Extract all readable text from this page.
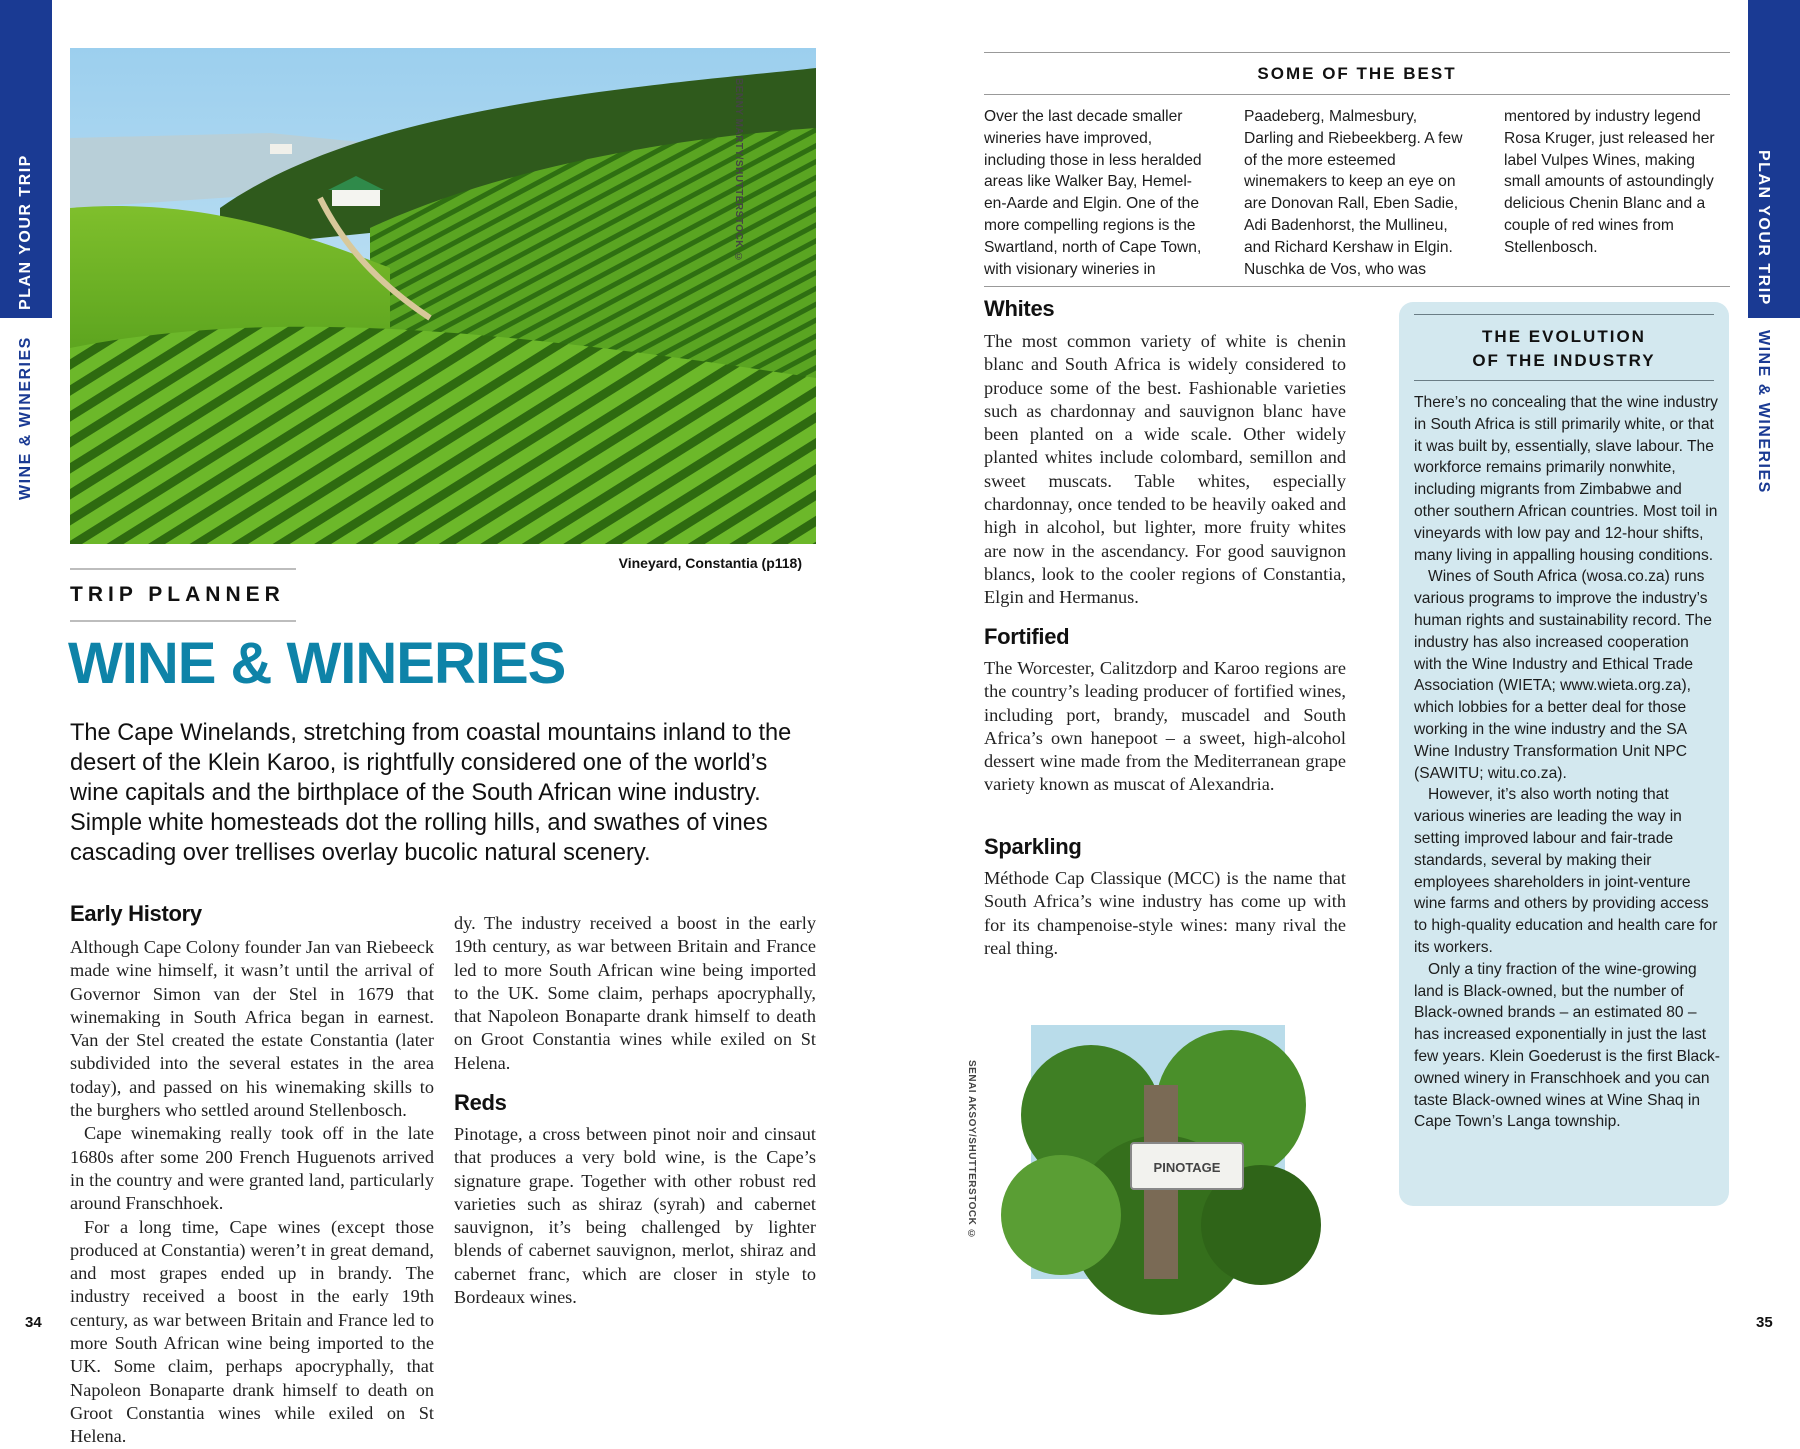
PLAN YOUR TRIP
WINE & WINERIES
PLAN YOUR TRIP
WINE & WINERIES
BENNY MARTY/SHUTTERSTOCK ©
Vineyard, Constantia (p118)
TRIP PLANNER
WINE & WINERIES
The Cape Winelands, stretching from coastal mountains inland to the desert of the Klein Karoo, is rightfully considered one of the world’s wine capitals and the birthplace of the South African wine industry. Simple white homesteads dot the rolling hills, and swathes of vines cascading over trellises overlay bucolic natural scenery.
Early History

Although Cape Colony founder Jan van Riebeeck made wine himself, it wasn’t until the arrival of Governor Simon van der Stel in 1679 that winemaking in South Africa began in earnest. Van der Stel created the estate Constantia (later subdivided into the several estates in the area today), and passed on his winemaking skills to the burghers who settled around Stellenbosch.

Cape winemaking really took off in the late 1680s after some 200 French Huguenots arrived in the country and were granted land, particularly around Franschhoek.

For a long time, Cape wines (except those produced at Constantia) weren’t in great demand, and most grapes ended up in brandy. The industry received a boost in the early 19th century, as war between Britain and France led to more South African wine being imported to the UK. Some claim, perhaps apocryphally, that Napoleon Bonaparte drank himself to death on Groot Constantia wines while exiled on St Helena.

dy. The industry received a boost in the early 19th century, as war between Britain and France led to more South African wine being imported to the UK. Some claim, perhaps apocryphally, that Napoleon Bonaparte drank himself to death on Groot Constantia wines while exiled on St Helena.

Reds
Pinotage, a cross between pinot noir and cinsaut that produces a very bold wine, is the Cape’s signature grape. Together with other robust red varieties such as shiraz (syrah) and cabernet sauvignon, it’s being challenged by lighter blends of cabernet sauvignon, merlot, shiraz and cabernet franc, which are closer in style to Bordeaux wines.
34
SOME OF THE BEST
Over the last decade smaller wineries have improved, including those in less heralded areas like Walker Bay, Hemel-en-Aarde and Elgin. One of the more compelling regions is the Swartland, north of Cape Town, with visionary wineries in Paadeberg, Malmesbury, Darling and Riebeekberg. A few of the more esteemed winemakers to keep an eye on are Donovan Rall, Eben Sadie, Adi Badenhorst, the Mullineu, and Richard Kershaw in Elgin. Nuschka de Vos, who was mentored by industry legend Rosa Kruger, just released her label Vulpes Wines, making small amounts of astoundingly delicious Chenin Blanc and a couple of red wines from Stellenbosch.
Whites
The most common variety of white is chenin blanc and South Africa is widely considered to produce some of the best. Fashionable varieties such as chardonnay and sauvignon blanc have been planted on a wide scale. Other widely planted whites include colombard, semillon and sweet muscats. Table whites, especially chardonnay, once tended to be heavily oaked and high in alcohol, but lighter, more fruity whites are now in the ascendancy. For good sauvignon blancs, look to the cooler regions of Constantia, Elgin and Hermanus.
Fortified
The Worcester, Calitzdorp and Karoo regions are the country’s leading producer of fortified wines, including port, brandy, muscadel and South Africa’s own hanepoot – a sweet, high-alcohol dessert wine made from the Mediterranean grape variety known as muscat of Alexandria.
Sparkling
Méthode Cap Classique (MCC) is the name that South Africa’s wine industry has come up with for its champenoise-style wines: many rival the real thing.
SENAI AKSOY/SHUTTERSTOCK ©	PINOTAGE
THE EVOLUTION
OF THE INDUSTRY

There’s no concealing that the wine industry in South Africa is still primarily white, or that it was built by, essentially, slave labour. The workforce remains primarily nonwhite, including migrants from Zimbabwe and other southern African countries. Most toil in vineyards with low pay and 12-hour shifts, many living in appalling housing conditions.

Wines of South Africa (wosa.co.za) runs various programs to improve the industry’s human rights and sustainability record. The industry has also increased cooperation with the Wine Industry and Ethical Trade Association (WIETA; www.wieta.org.za), which lobbies for a better deal for those working in the wine industry and the SA Wine Industry Transformation Unit NPC (SAWITU; witu.co.za).

However, it’s also worth noting that various wineries are leading the way in setting improved labour and fair-trade standards, several by making their employees shareholders in joint-venture wine farms and others by providing access to high-quality education and health care for its workers.

Only a tiny fraction of the wine-growing land is Black-owned, but the number of Black-owned brands – an estimated 80 – has increased exponentially in just the last few years. Klein Goederust is the first Black-owned winery in Franschhoek and you can taste Black-owned wines at Wine Shaq in Cape Town’s Langa township.

35
